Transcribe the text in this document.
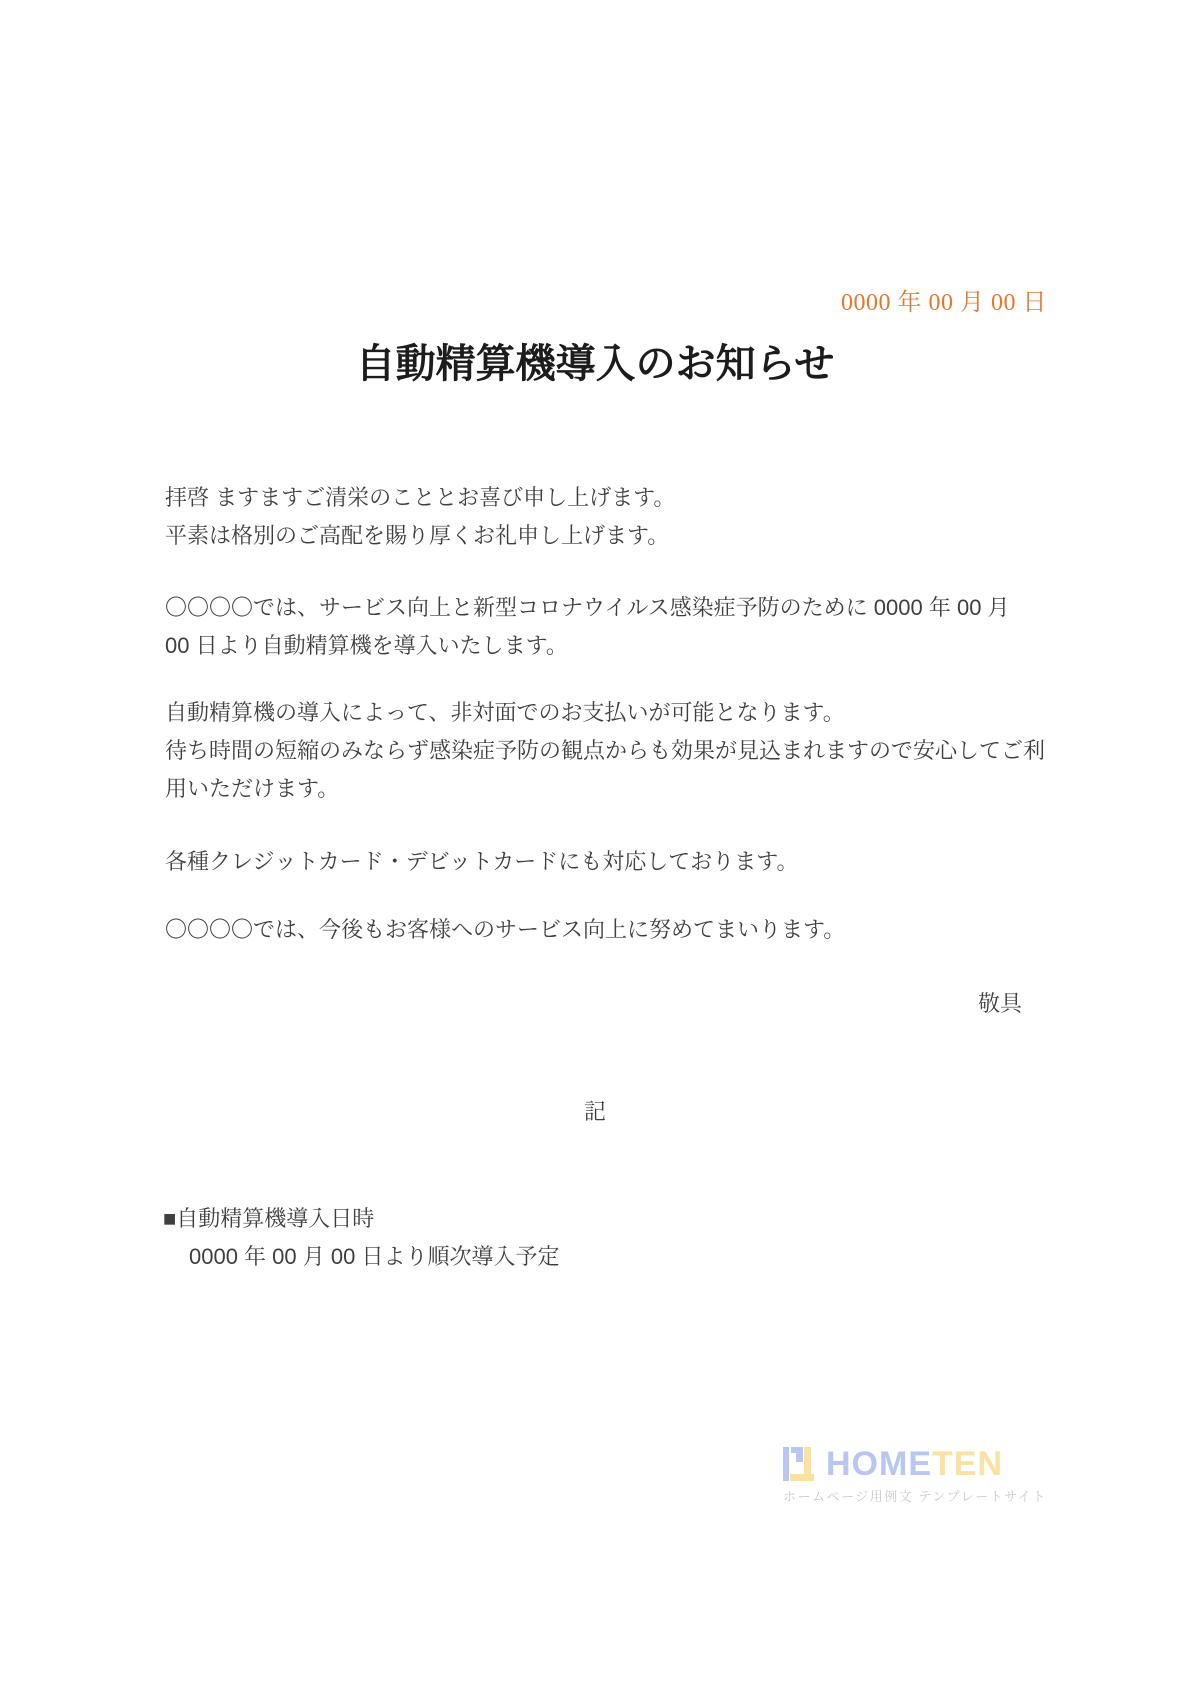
0000 年 00 月 00 日
自動精算機導入のお知らせ

拝啓 ますますご清栄のこととお喜び申し上げます。
平素は格別のご高配を賜り厚くお礼申し上げます。

〇〇〇〇では、サービス向上と新型コロナウイルス感染症予防のために 0000 年 00 月
00 日より自動精算機を導入いたします。

自動精算機の導入によって、非対面でのお支払いが可能となります。
待ち時間の短縮のみならず感染症予防の観点からも効果が見込まれますので安心してご利
用いただけます。

各種クレジットカード・デビットカードにも対応しております。

〇〇〇〇では、今後もお客様へのサービス向上に努めてまいります。

敬具
記
■自動精算機導入日時
0000 年 00 月 00 日より順次導入予定
HOMETEN
ホームページ用例文 テンプレートサイト
